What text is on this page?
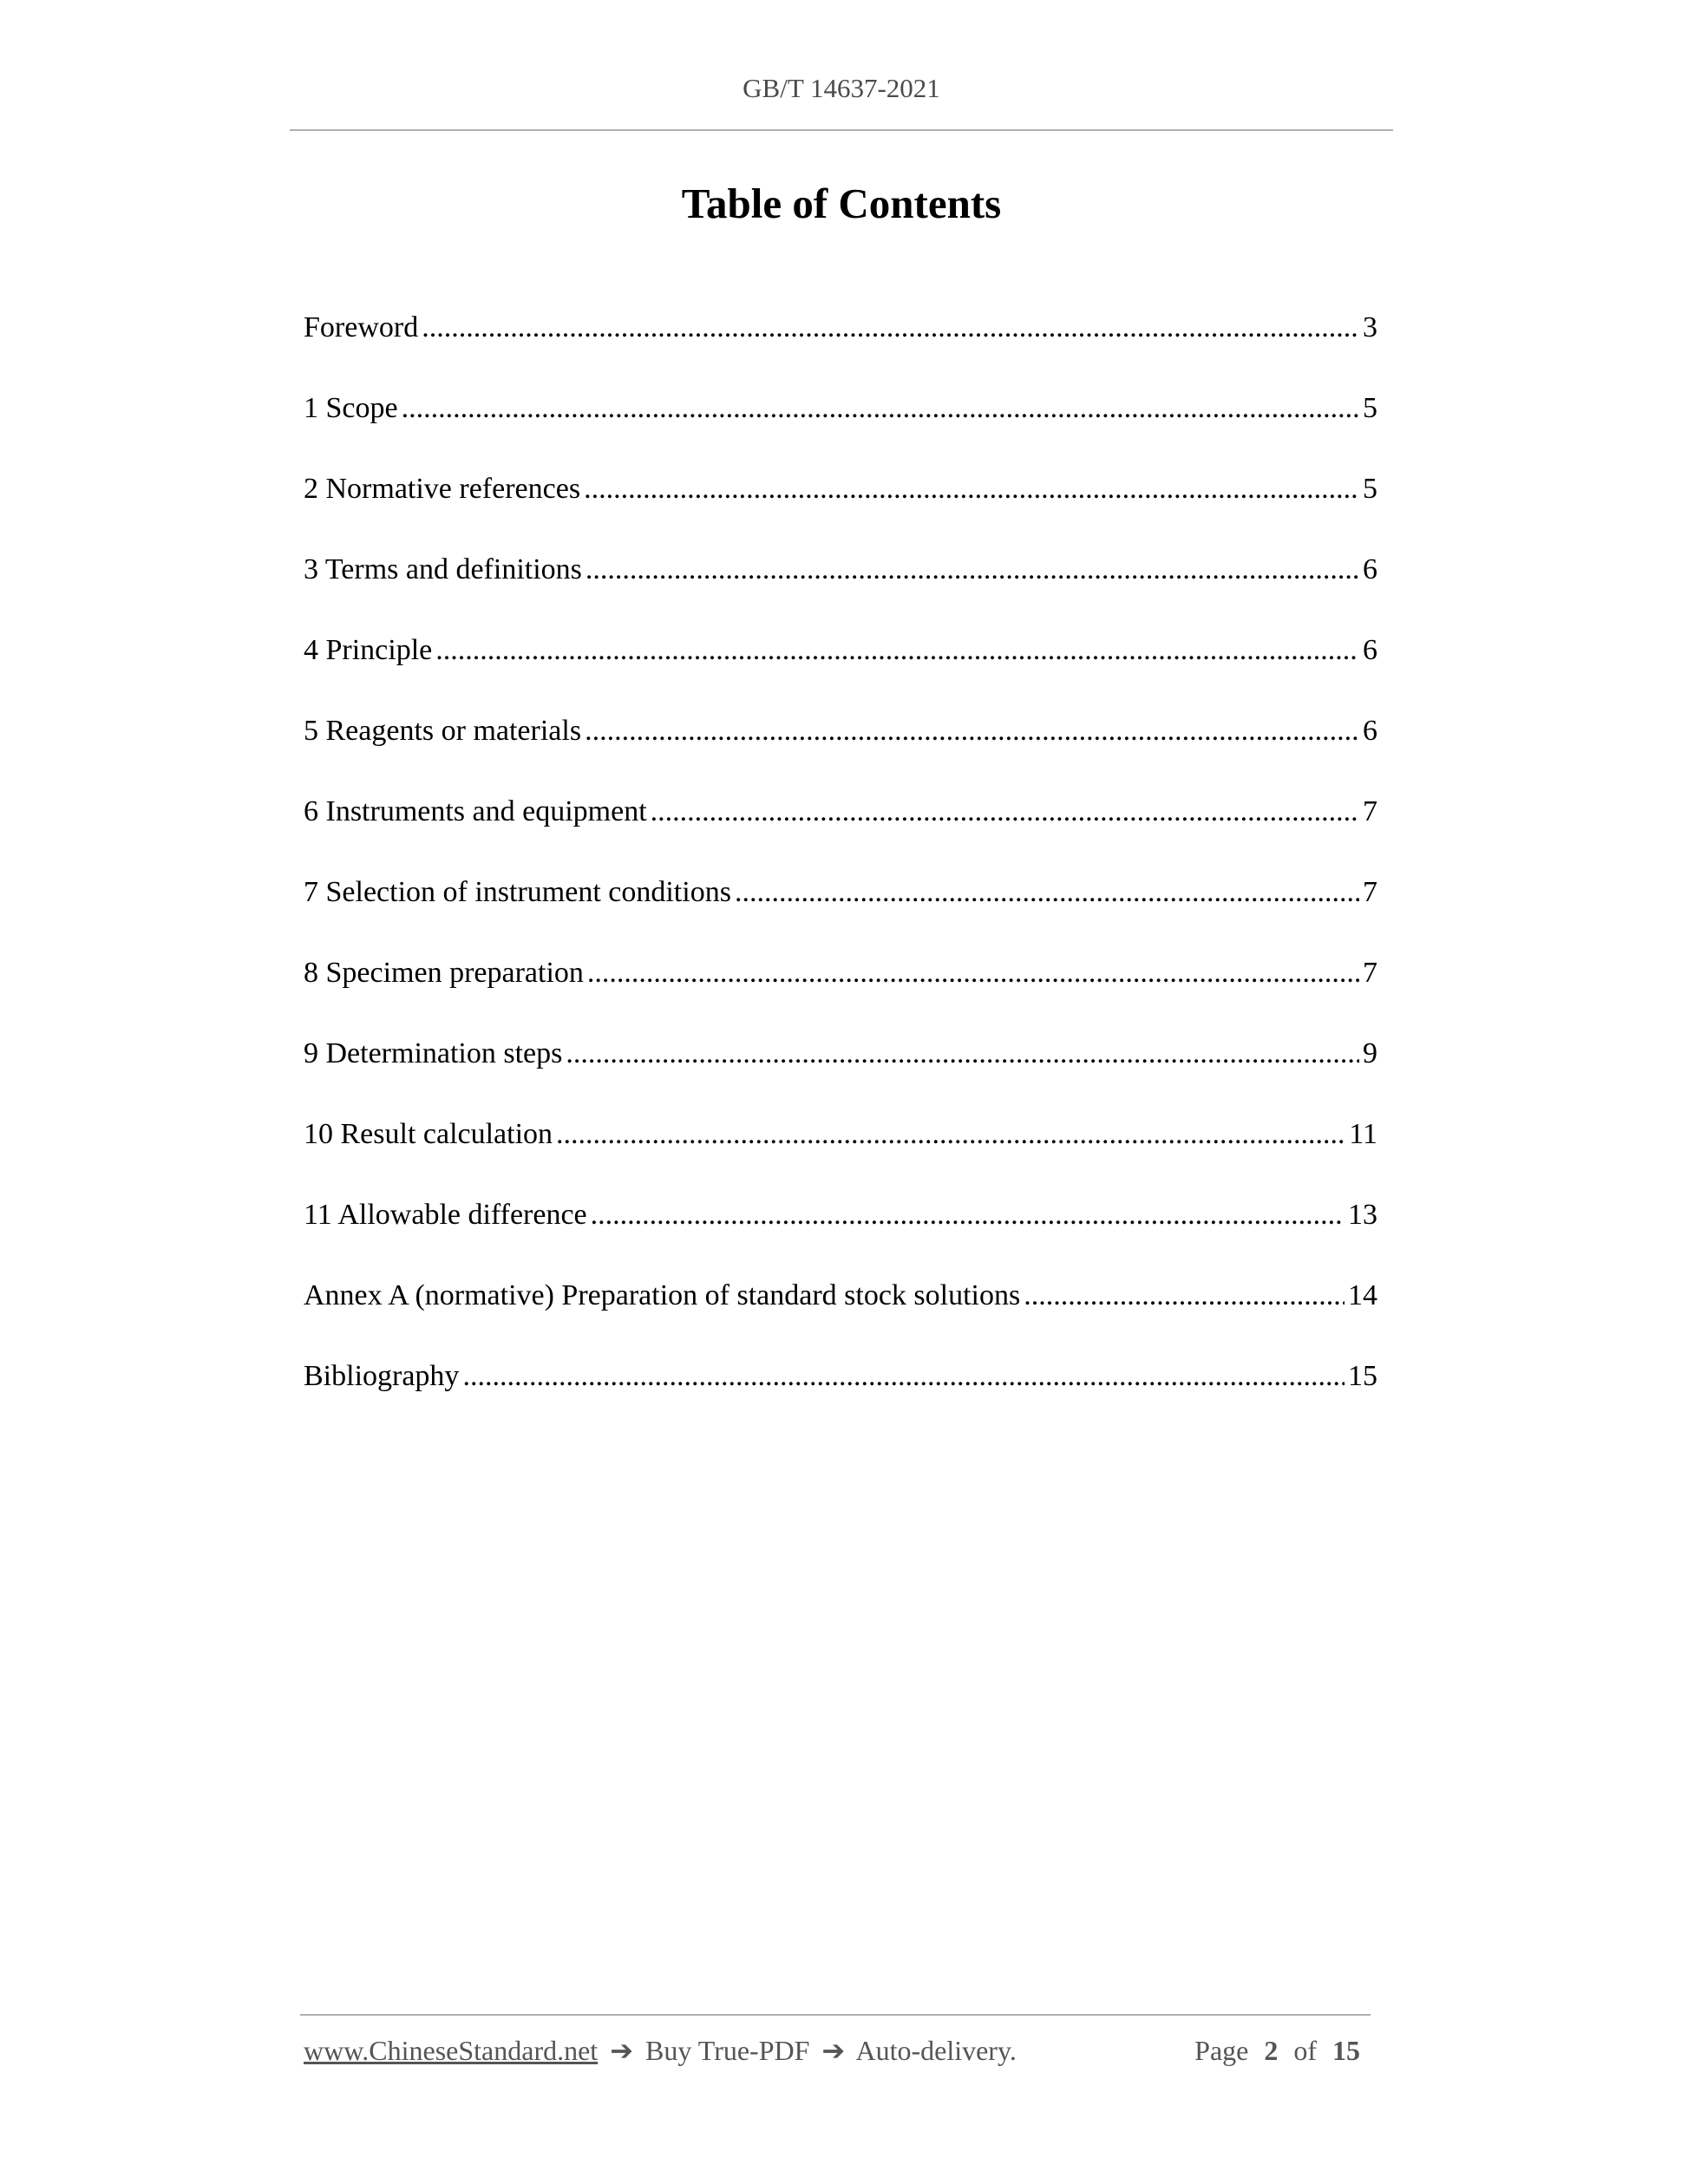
GB/T 14637-2021
Table of Contents
Foreword .....	3
1 Scope .....	5
2 Normative references .....	5
3 Terms and definitions .....	6
4 Principle .....	6
5 Reagents or materials .....	6
6 Instruments and equipment .....	7
7 Selection of instrument conditions .....	7
8 Specimen preparation .....	7
9 Determination steps .....	9
10 Result calculation .....	11
11 Allowable difference .....	13
Annex A (normative) Preparation of standard stock solutions .....	14
Bibliography .....	15
www.ChineseStandard.net ➔ Buy True-PDF ➔ Auto-delivery.	Page 2 of 15
